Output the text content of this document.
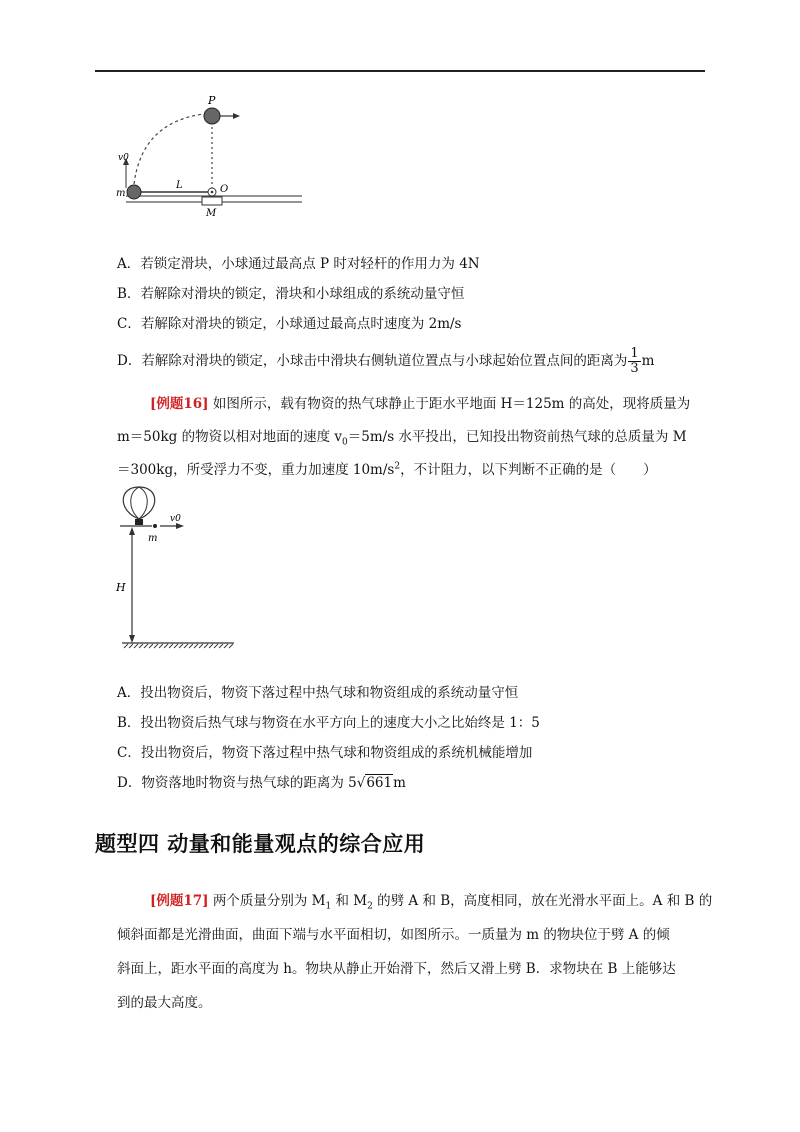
P
v0
m
L	O
M
A．若锁定滑块，小球通过最高点 P 时对轻杆的作用力为 4N
B．若解除对滑块的锁定，滑块和小球组成的系统动量守恒
C．若解除对滑块的锁定，小球通过最高点时速度为 2m/s
D．若解除对滑块的锁定，小球击中滑块右侧轨道位置点与小球起始位置点间的距离为 $\frac{1}{3}$ m
[例题16] 如图所示，载有物资的热气球静止于距水平地面 H＝125m 的高处，现将质量为
m＝50kg 的物资以相对地面的速度 $v_0=5m/s$ 水平投出，已知投出物资前热气球的总质量为 M
＝300kg，所受浮力不变，重力加速度 $10m/s^2$，不计阻力，以下判断不正确的是（　　）
v0
m
H
A．投出物资后，物资下落过程中热气球和物资组成的系统动量守恒
B．投出物资后热气球与物资在水平方向上的速度大小之比始终是 1：5
C．投出物资后，物资下落过程中热气球和物资组成的系统机械能增加
D．物资落地时物资与热气球的距离为 5√661m
题型四 动量和能量观点的综合应用
[例题17] 两个质量分别为 $M_1$ 和 $M_2$ 的劈 A 和 B，高度相同，放在光滑水平面上。A 和 B 的
倾斜面都是光滑曲面，曲面下端与水平面相切，如图所示。一质量为 m 的物块位于劈 A 的倾
斜面上，距水平面的高度为 h。物块从静止开始滑下，然后又滑上劈 B．求物块在 B 上能够达
到的最大高度。
